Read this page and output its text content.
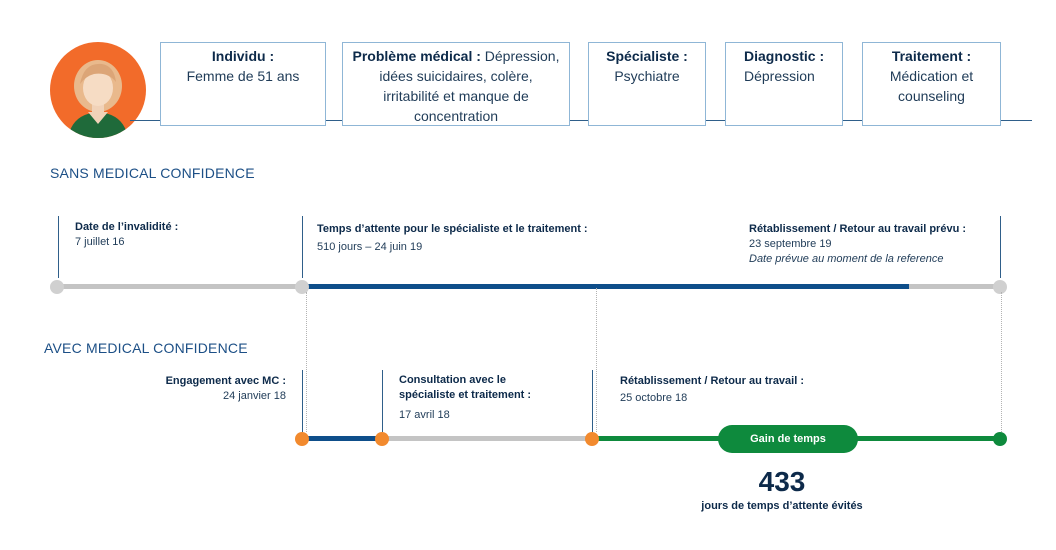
Individu :
Femme de 51 ans
Problème médical : Dépression,
idées suicidaires, colère,
irritabilité et manque de
concentration
Spécialiste :
Psychiatre
Diagnostic :
Dépression
Traitement :
Médication et
counseling
SANS MEDICAL CONFIDENCE
Date de l’invalidité :
7 juillet 16
Temps d’attente pour le spécialiste et le traitement :
510 jours – 24 juin 19
Rétablissement / Retour au travail prévu :
23 septembre 19
Date prévue au moment de la reference
AVEC MEDICAL CONFIDENCE
Engagement avec MC :
24 janvier 18
Consultation avec le
spécialiste et traitement :
17 avril 18
Rétablissement / Retour au travail :
25 octobre 18
Gain de temps
433
jours de temps d’attente évités
